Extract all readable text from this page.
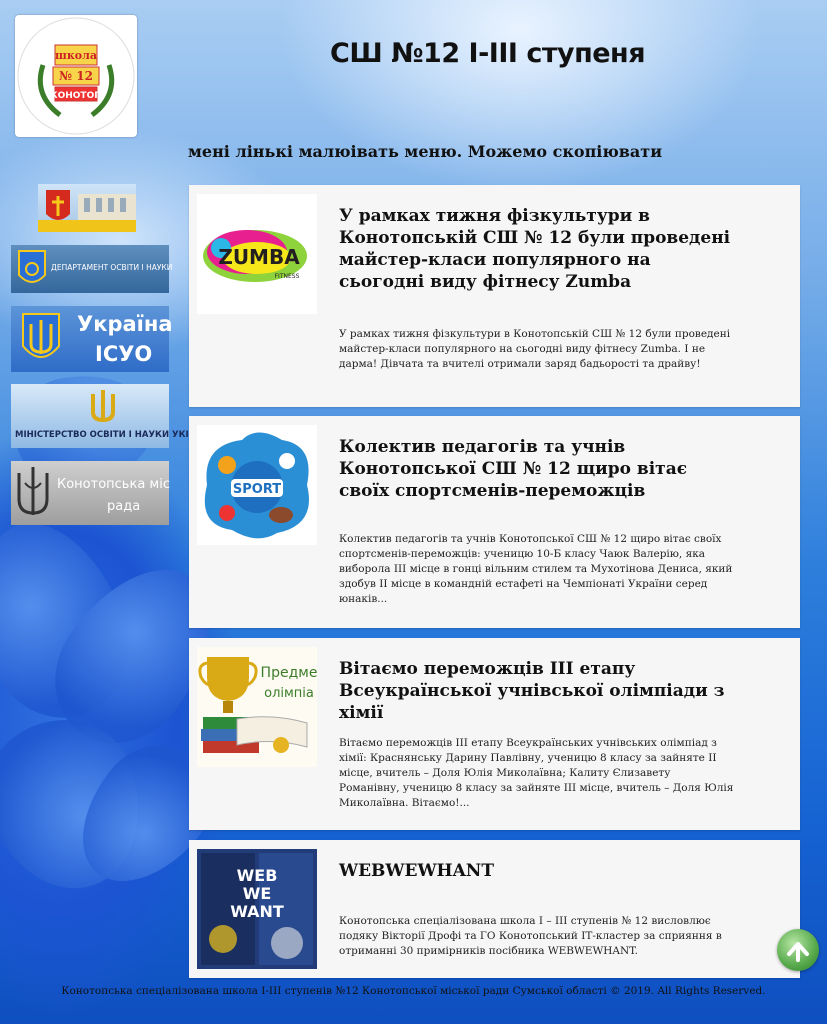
школа
№ 12
КОНОТОП
СШ №12 І-ІІІ ступеня

мені лінькі малюівать меню. Можемо скопіювати

ДЕПАРТАМЕНТ ОСВІТИ І НАУКИ
Україна
ІСУО
МІНІСТЕРСТВО ОСВІТИ І НАУКИ УКІ
Конотопська міс
рада
ZUMBA
FITNESS
У рамках тижня фізкультури в Конотопській СШ № 12 були проведені майстер-класи популярного на сьогодні виду фітнесу Zumba

У рамках тижня фізкультури в Конотопській СШ № 12 були проведені майстер-класи популярного на сьогодні виду фітнесу Zumba. І не дарма! Дівчата та вчителі отримали заряд бадьорості та драйву!

SPORT
Колектив педагогів та учнів Конотопської СШ № 12 щиро вітає своїх спортсменів-переможців

Колектив педагогів та учнів Конотопської СШ № 12 щиро вітає своїх спортсменів-переможців: ученицю 10-Б класу Чаюк Валерію, яка виборола ІІІ місце в гонці вільним стилем та Мухотінова Дениса, який здобув ІІ місце в командній естафеті на Чемпіонаті України серед юнаків...

Предме
олімпіа
Вітаємо переможців ІІІ етапу Всеукраїнської учнівської олімпіади з хімії

Вітаємо переможців ІІІ етапу Всеукраїнських учнівських олімпіад з хімії: Краснянську Дарину Павлівну, ученицю 8 класу за зайняте ІІ місце, вчитель – Доля Юлія Миколаївна; Калиту Єлизавету Романівну, ученицю 8 класу за зайняте ІІІ місце, вчитель – Доля Юлія Миколаївна. Вітаємо!...

WEB
WE
WANT
WEBWEWHANT

Конотопська спеціалізована школа І – ІІІ ступенів № 12 висловлює подяку Вікторії Дрофі та ГО Конотопський ІТ-кластер за сприяння в отриманні 30 примірників посібника WEBWEWHANT.

Конотопська спеціалізована школа І-ІІІ ступенів №12 Конотопської міської ради Сумської області © 2019. All Rights Reserved.
